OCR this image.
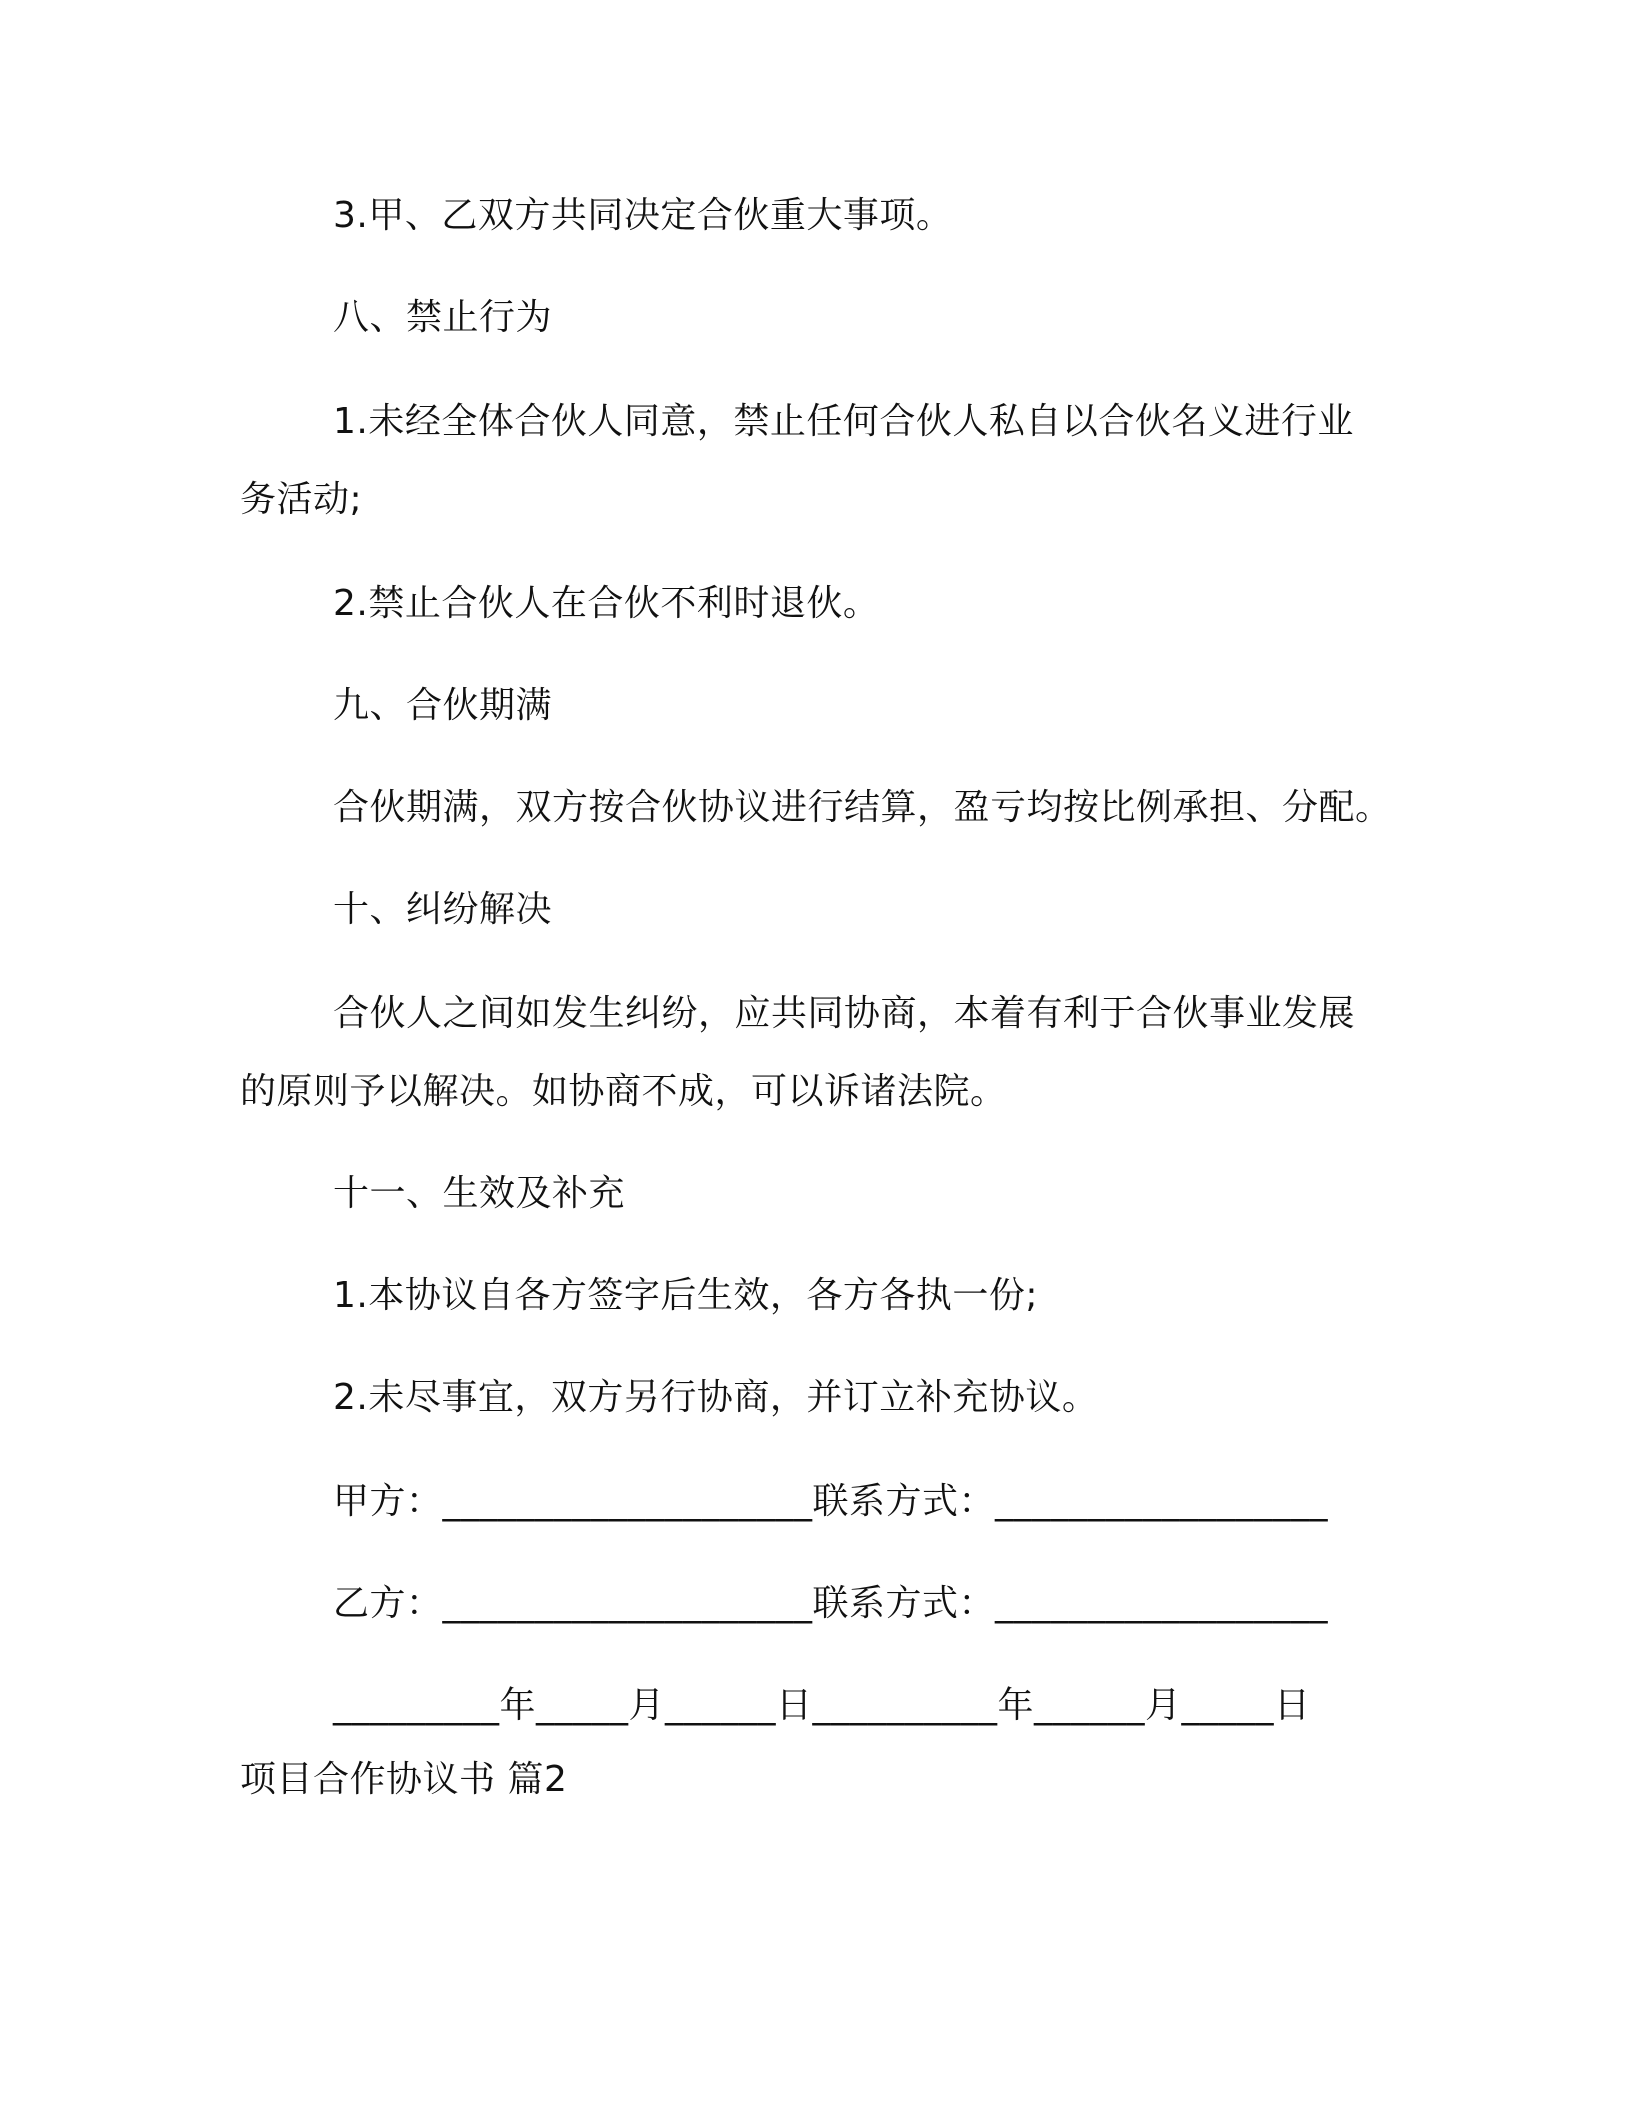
3.甲、乙双方共同决定合伙重大事项。
八、禁止行为
1.未经全体合伙人同意，禁止任何合伙人私自以合伙名义进行业
务活动;
2.禁止合伙人在合伙不利时退伙。
九、合伙期满
合伙期满，双方按合伙协议进行结算，盈亏均按比例承担、分配。
十、纠纷解决
合伙人之间如发生纠纷，应共同协商，本着有利于合伙事业发展
的原则予以解决。如协商不成，可以诉诸法院。
十一、生效及补充
1.本协议自各方签字后生效，各方各执一份;
2.未尽事宜，双方另行协商，并订立补充协议。
甲方：____________________联系方式：__________________
乙方：____________________联系方式：__________________
_________年_____月______日__________年______月_____日
项目合作协议书 篇2
